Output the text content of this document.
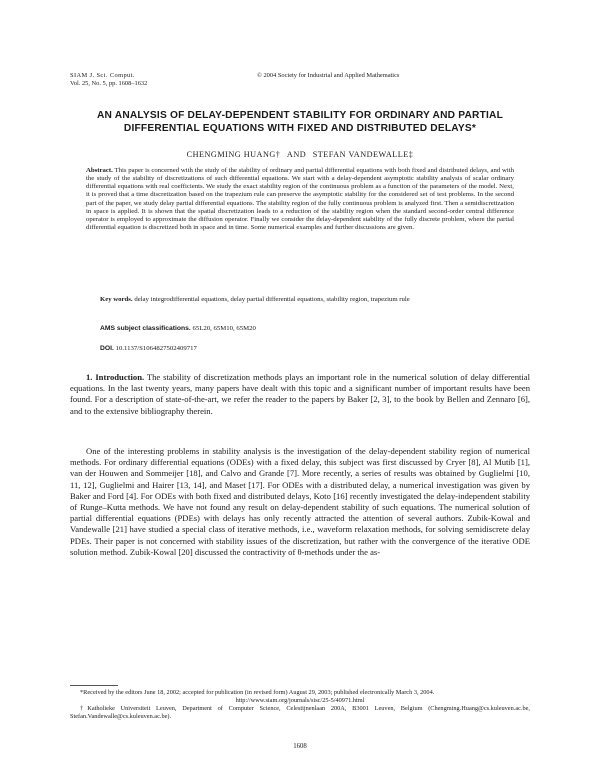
SIAM J. Sci. Comput.
Vol. 25, No. 5, pp. 1608–1632
© 2004 Society for Industrial and Applied Mathematics
AN ANALYSIS OF DELAY-DEPENDENT STABILITY FOR ORDINARY AND PARTIAL DIFFERENTIAL EQUATIONS WITH FIXED AND DISTRIBUTED DELAYS*
CHENGMING HUANG† AND STEFAN VANDEWALLE‡

Abstract. This paper is concerned with the study of the stability of ordinary and partial differential equations with both fixed and distributed delays, and with the study of the stability of discretizations of such differential equations. We start with a delay-dependent asymptotic stability analysis of scalar ordinary differential equations with real coefficients. We study the exact stability region of the continuous problem as a function of the parameters of the model. Next, it is proved that a time discretization based on the trapezium rule can preserve the asymptotic stability for the considered set of test problems. In the second part of the paper, we study delay partial differential equations. The stability region of the fully continuous problem is analyzed first. Then a semidiscretization in space is applied. It is shown that the spatial discretization leads to a reduction of the stability region when the standard second-order central difference operator is employed to approximate the diffusion operator. Finally we consider the delay-dependent stability of the fully discrete problem, where the partial differential equation is discretized both in space and in time. Some numerical examples and further discussions are given.

Key words. delay integrodifferential equations, delay partial differential equations, stability region, trapezium rule

AMS subject classifications. 65L20, 65M10, 65M20

DOI. 10.1137/S1064827502409717

1. Introduction. The stability of discretization methods plays an important role in the numerical solution of delay differential equations. In the last twenty years, many papers have dealt with this topic and a significant number of important results have been found. For a description of state-of-the-art, we refer the reader to the papers by Baker [2, 3], to the book by Bellen and Zennaro [6], and to the extensive bibliography therein.

One of the interesting problems in stability analysis is the investigation of the delay-dependent stability region of numerical methods. For ordinary differential equations (ODEs) with a fixed delay, this subject was first discussed by Cryer [8], Al Mutib [1], van der Houwen and Sommeijer [18], and Calvo and Grande [7]. More recently, a series of results was obtained by Guglielmi [10, 11, 12], Guglielmi and Hairer [13, 14], and Maset [17]. For ODEs with a distributed delay, a numerical investigation was given by Baker and Ford [4]. For ODEs with both fixed and distributed delays, Koto [16] recently investigated the delay-independent stability of Runge–Kutta methods. We have not found any result on delay-dependent stability of such equations. The numerical solution of partial differential equations (PDEs) with delays has only recently attracted the attention of several authors. Zubik-Kowal and Vandewalle [21] have studied a special class of iterative methods, i.e., waveform relaxation methods, for solving semidiscrete delay PDEs. Their paper is not concerned with stability issues of the discretization, but rather with the convergence of the iterative ODE solution method. Zubik-Kowal [20] discussed the contractivity of θ-methods under the as-

*Received by the editors June 18, 2002; accepted for publication (in revised form) August 29, 2003; published electronically March 3, 2004.

http://www.siam.org/journals/sisc/25-5/40971.html

†Katholieke Universiteit Leuven, Department of Computer Science, Celestijnenlaan 200A, B3001 Leuven, Belgium (Chengming.Huang@cs.kuleuven.ac.be, Stefan.Vandewalle@cs.kuleuven.ac.be).

1608
